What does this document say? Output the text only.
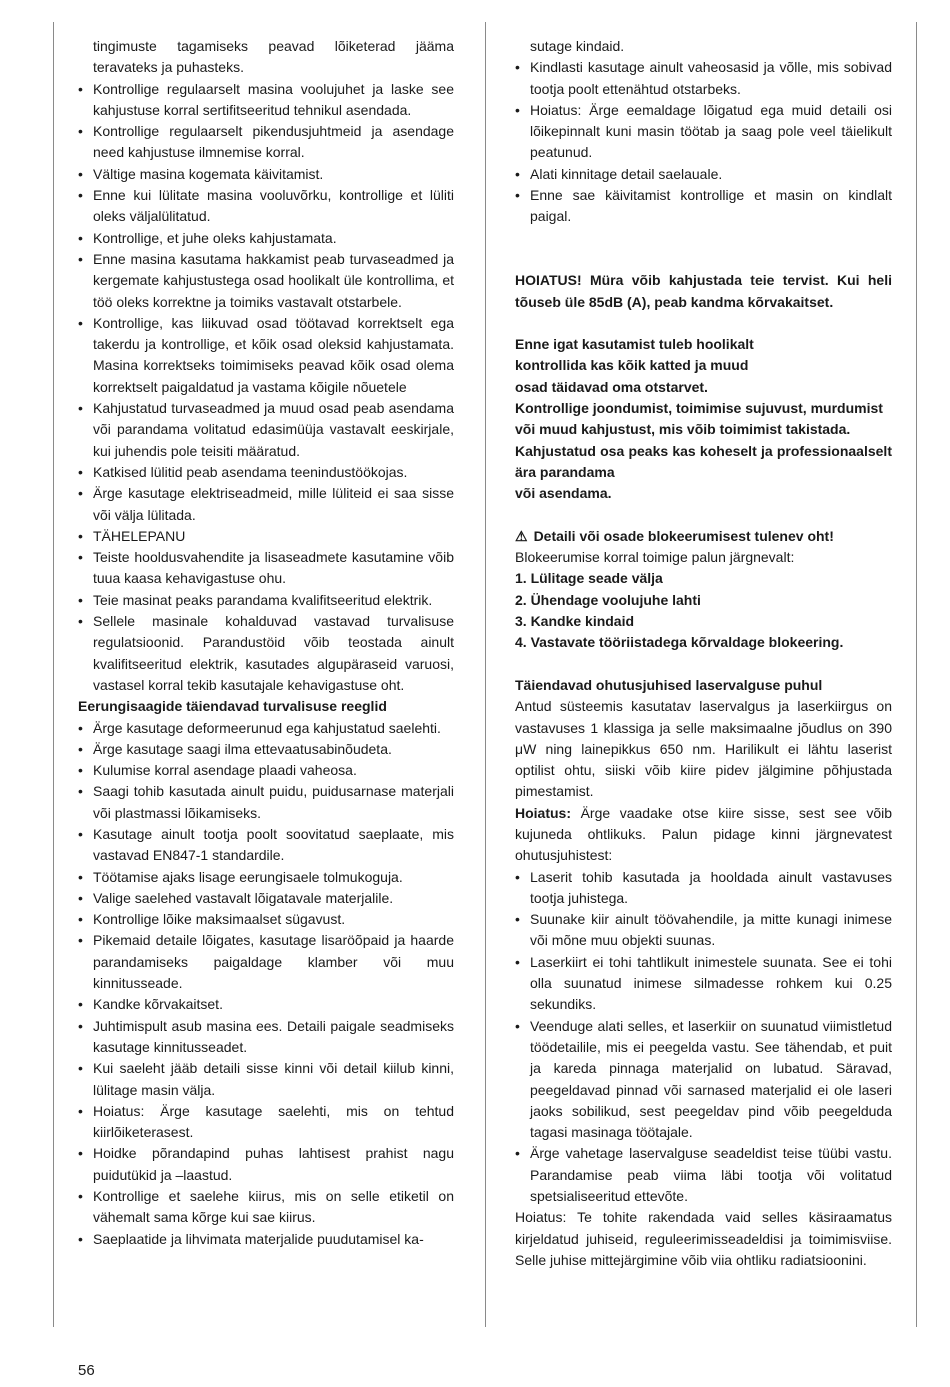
tingimuste tagamiseks peavad lõiketerad jääma teravateks ja puhasteks.
• Kontrollige regulaarselt masina voolujuhet ja laske see kahjustuse korral sertifitseeritud tehnikul asendada.
• Kontrollige regulaarselt pikendusjuhtmeid ja asendage need kahjustuse ilmnemise korral.
• Vältige masina kogemata käivitamist.
• Enne kui lülitate masina vooluvõrku, kontrollige et lüliti oleks väljalülitatud.
• Kontrollige, et juhe oleks kahjustamata.
• Enne masina kasutama hakkamist peab turvaseadmed ja kergemate kahjustustega osad hoolikalt üle kontrollima, et töö oleks korrektne ja toimiks vastavalt otstarbele.
• Kontrollige, kas liikuvad osad töötavad korrektselt ega takerdu ja kontrollige, et kõik osad oleksid kahjustamata. Masina korrektseks toimimiseks peavad kõik osad olema korrektselt paigaldatud ja vastama kõigile nõuetele
• Kahjustatud turvaseadmed ja muud osad peab asendama või parandama volitatud edasimüüja vastavalt eeskirjale, kui juhendis pole teisiti määratud.
• Katkised lülitid peab asendama teenindustöökojas.
• Ärge kasutage elektriseadmeid, mille lüliteid ei saa sisse või välja lülitada.
• TÄHELEPANU
• Teiste hooldusvahendite ja lisaseadmete kasutamine võib tuua kaasa kehavigastuse ohu.
• Teie masinat peaks parandama kvalifitseeritud elektrik.
• Sellele masinale kohalduvad vastavad turvalisuse regulatsioonid. Parandustöid võib teostada ainult kvalifitseeritud elektrik, kasutades algupäraseid varuosi, vastasel korral tekib kasutajale kehavigastuse oht.

Eerungisaagide täiendavad turvalisuse reeglid

• Ärge kasutage deformeerunud ega kahjustatud saelehti.
• Ärge kasutage saagi ilma ettevaatusabinõudeta.
• Kulumise korral asendage plaadi vaheosa.
• Saagi tohib kasutada ainult puidu, puidusarnase materjali või plastmassi lõikamiseks.
• Kasutage ainult tootja poolt soovitatud saeplaate, mis vastavad EN847-1 standardile.
• Töötamise ajaks lisage eerungisaele tolmukoguja.
• Valige saelehed vastavalt lõigatavale materjalile.
• Kontrollige lõike maksimaalset sügavust.
• Pikemaid detaile lõigates, kasutage lisaröõpaid ja haarde parandamiseks paigaldage klamber või muu kinnitusseade.
• Kandke kõrvakaitset.
• Juhtimispult asub masina ees. Detaili paigale seadmiseks kasutage kinnitusseadet.
• Kui saeleht jääb detaili sisse kinni või detail kiilub kinni, lülitage masin välja.
• Hoiatus: Ärge kasutage saelehti, mis on tehtud kiirlõiketerasest.
• Hoidke põrandapind puhas lahtisest prahist nagu puidutükid ja –laastud.
• Kontrollige et saelehe kiirus, mis on selle etiketil on vähemalt sama kõrge kui sae kiirus.
• Saeplaatide ja lihvimata materjalide puudutamisel ka-
sutage kindaid.
• Kindlasti kasutage ainult vaheosasid ja võlle, mis sobivad tootja poolt ettenähtud otstarbeks.
• Hoiatus: Ärge eemaldage lõigatud ega muid detaili osi lõikepinnalt kuni masin töötab ja saag pole veel täielikult peatunud.
• Alati kinnitage detail saelauale.
• Enne sae käivitamist kontrollige et masin on kindlalt paigal.

HOIATUS! Müra võib kahjustada teie tervist. Kui heli tõuseb üle 85dB (A), peab kandma kõrvakaitset.

Enne igat kasutamist tuleb hoolikalt

kontrollida kas kõik katted ja muud

osad täidavad oma otstarvet.

Kontrollige joondumist, toimimise sujuvust, murdumist

või muud kahjustust, mis võib toimimist takistada.

Kahjustatud osa peaks kas koheselt ja professionaalselt ära parandama

või asendama.

⚠ Detaili või osade blokeerumisest tulenev oht!

Blokeerumise korral toimige palun järgnevalt:

1. Lülitage seade välja

2. Ühendage voolujuhe lahti

3. Kandke kindaid

4. Vastavate tööriistadega kõrvaldage blokeering.

Täiendavad ohutusjuhised laservalguse puhul

Antud süsteemis kasutatav laservalgus ja laserkiirgus on vastavuses 1 klassiga ja selle maksimaalne jõudlus on 390 μW ning lainepikkus 650 nm. Harilikult ei lähtu laserist optilist ohtu, siiski võib kiire pidev jälgimine põhjustada pimestamist.

Hoiatus: Ärge vaadake otse kiire sisse, sest see võib kujuneda ohtlikuks. Palun pidage kinni järgnevatest ohutusjuhistest:

• Laserit tohib kasutada ja hooldada ainult vastavuses tootja juhistega.
• Suunake kiir ainult töövahendile, ja mitte kunagi inimese või mõne muu objekti suunas.
• Laserkiirt ei tohi tahtlikult inimestele suunata. See ei tohi olla suunatud inimese silmadesse rohkem kui 0.25 sekundiks.
• Veenduge alati selles, et laserkiir on suunatud viimistletud töödetailile, mis ei peegelda vastu. See tähendab, et puit ja kareda pinnaga materjalid on lubatud. Säravad, peegeldavad pinnad või sarnased materjalid ei ole laseri jaoks sobilikud, sest peegeldav pind võib peegelduda tagasi masinaga töötajale.
• Ärge vahetage laservalguse seadeldist teise tüübi vastu. Parandamise peab viima läbi tootja või volitatud spetsialiseeritud ettevõte.

Hoiatus: Te tohite rakendada vaid selles käsiraamatus kirjeldatud juhiseid, reguleerimisseadeldisi ja toimimisviise. Selle juhise mittejärgimine võib viia ohtliku radiatsioonini.

56
